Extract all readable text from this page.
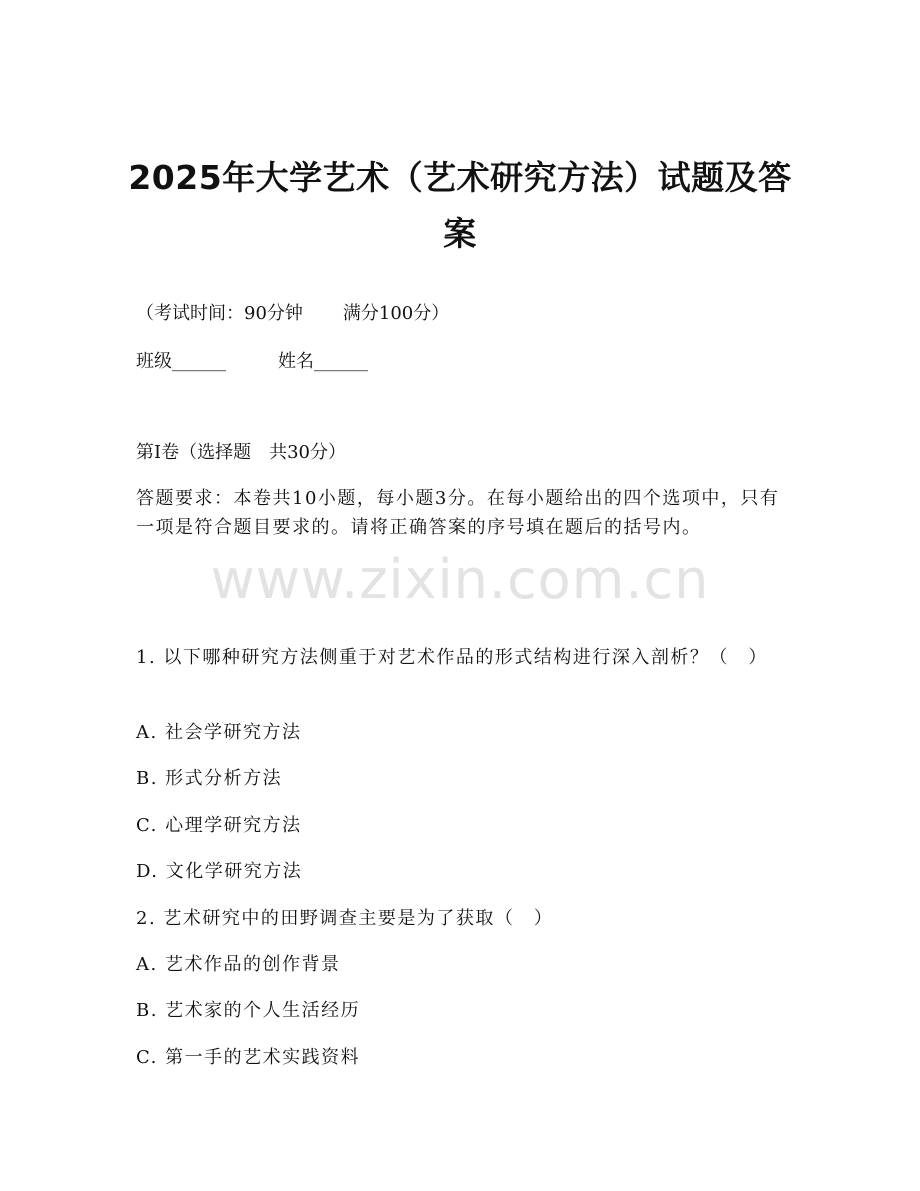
2025年大学艺术（艺术研究方法）试题及答案
（考试时间：90分钟 满分100分）
班级______	姓名______
第I卷（选择题　共30分）
答题要求：本卷共10小题，每小题3分。在每小题给出的四个选项中，只有一项是符合题目要求的。请将正确答案的序号填在题后的括号内。
1. 以下哪种研究方法侧重于对艺术作品的形式结构进行深入剖析？（　）
A. 社会学研究方法
B. 形式分析方法
C. 心理学研究方法
D. 文化学研究方法
2. 艺术研究中的田野调查主要是为了获取（　）
A. 艺术作品的创作背景
B. 艺术家的个人生活经历
C. 第一手的艺术实践资料
www.zixin.com.cn
